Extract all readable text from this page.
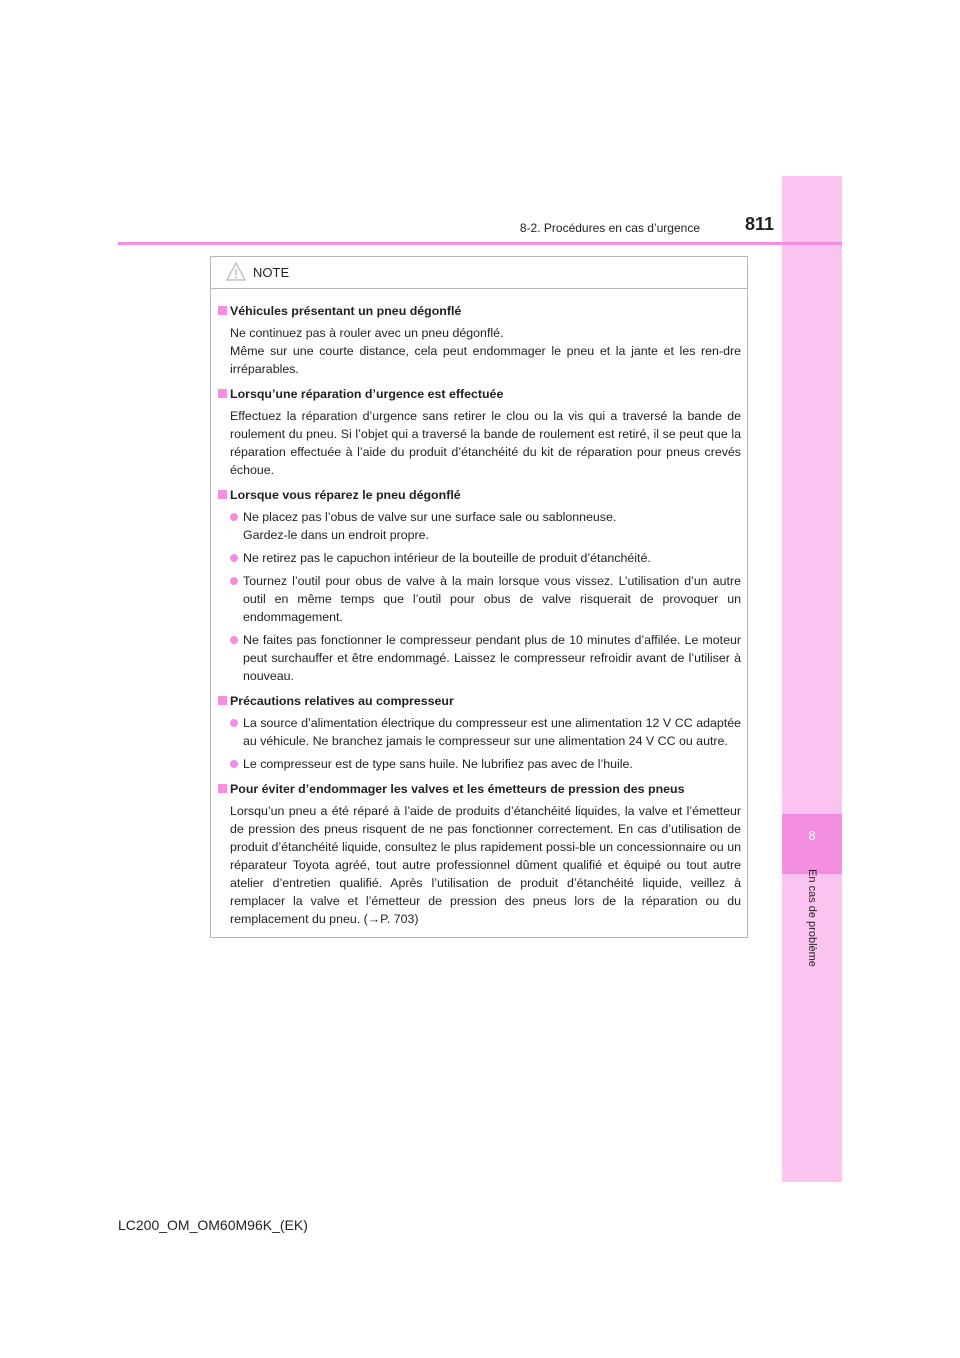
8
En cas de problème
8-2. Procédures en cas d’urgence	811
NOTE
Véhicules présentant un pneu dégonflé

Ne continuez pas à rouler avec un pneu dégonflé.

Même sur une courte distance, cela peut endommager le pneu et la jante et les ren-dre irréparables.

Lorsqu’une réparation d’urgence est effectuée

Effectuez la réparation d’urgence sans retirer le clou ou la vis qui a traversé la bande de roulement du pneu. Si l’objet qui a traversé la bande de roulement est retiré, il se peut que la réparation effectuée à l’aide du produit d’étanchéité du kit de réparation pour pneus crevés échoue.

Lorsque vous réparez le pneu dégonflé

Ne placez pas l’obus de valve sur une surface sale ou sablonneuse.

Gardez-le dans un endroit propre.

Ne retirez pas le capuchon intérieur de la bouteille de produit d’étanchéité.

Tournez l’outil pour obus de valve à la main lorsque vous vissez. L’utilisation d’un autre outil en même temps que l’outil pour obus de valve risquerait de provoquer un endommagement.

Ne faites pas fonctionner le compresseur pendant plus de 10 minutes d’affilée. Le moteur peut surchauffer et être endommagé. Laissez le compresseur refroidir avant de l’utiliser à nouveau.

Précautions relatives au compresseur

La source d’alimentation électrique du compresseur est une alimentation 12 V CC adaptée au véhicule. Ne branchez jamais le compresseur sur une alimentation 24 V CC ou autre.

Le compresseur est de type sans huile. Ne lubrifiez pas avec de l’huile.

Pour éviter d’endommager les valves et les émetteurs de pression des pneus

Lorsqu’un pneu a été réparé à l’aide de produits d’étanchéité liquides, la valve et l’émetteur de pression des pneus risquent de ne pas fonctionner correctement. En cas d’utilisation de produit d’étanchéité liquide, consultez le plus rapidement possi-ble un concessionnaire ou un réparateur Toyota agréé, tout autre professionnel dûment qualifié et équipé ou tout autre atelier d’entretien qualifié. Après l’utilisation de produit d’étanchéité liquide, veillez à remplacer la valve et l’émetteur de pression des pneus lors de la réparation ou du remplacement du pneu. (→P. 703)

LC200_OM_OM60M96K_(EK)
